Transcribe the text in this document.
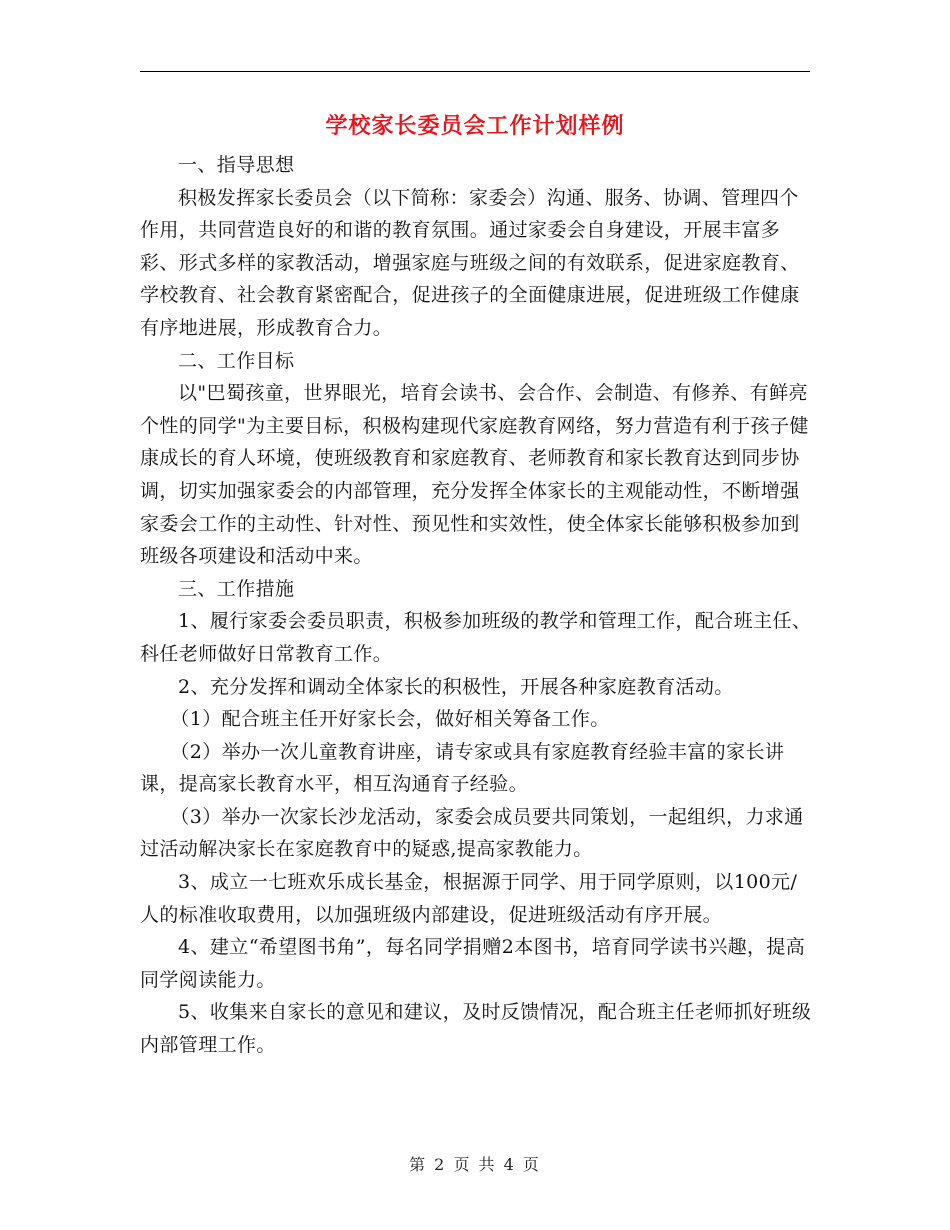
学校家长委员会工作计划样例

一、指导思想

积极发挥家长委员会（以下简称：家委会）沟通、服务、协调、管理四个作用，共同营造良好的和谐的教育氛围。通过家委会自身建设，开展丰富多彩、形式多样的家教活动，增强家庭与班级之间的有效联系，促进家庭教育、学校教育、社会教育紧密配合，促进孩子的全面健康进展，促进班级工作健康有序地进展，形成教育合力。

二、工作目标

以"巴蜀孩童，世界眼光，培育会读书、会合作、会制造、有修养、有鲜亮个性的同学"为主要目标，积极构建现代家庭教育网络，努力营造有利于孩子健康成长的育人环境，使班级教育和家庭教育、老师教育和家长教育达到同步协调，切实加强家委会的内部管理，充分发挥全体家长的主观能动性，不断增强家委会工作的主动性、针对性、预见性和实效性，使全体家长能够积极参加到班级各项建设和活动中来。

三、工作措施

1、履行家委会委员职责，积极参加班级的教学和管理工作，配合班主任、科任老师做好日常教育工作。

2、充分发挥和调动全体家长的积极性，开展各种家庭教育活动。

（1）配合班主任开好家长会，做好相关筹备工作。

（2）举办一次儿童教育讲座，请专家或具有家庭教育经验丰富的家长讲课，提高家长教育水平，相互沟通育子经验。

（3）举办一次家长沙龙活动，家委会成员要共同策划，一起组织，力求通过活动解决家长在家庭教育中的疑惑,提高家教能力。

3、成立一七班欢乐成长基金，根据源于同学、用于同学原则，以100元/人的标准收取费用，以加强班级内部建设，促进班级活动有序开展。

4、建立“希望图书角”，每名同学捐赠2本图书，培育同学读书兴趣，提高同学阅读能力。

5、收集来自家长的意见和建议，及时反馈情况，配合班主任老师抓好班级内部管理工作。

第 2 页 共 4 页
